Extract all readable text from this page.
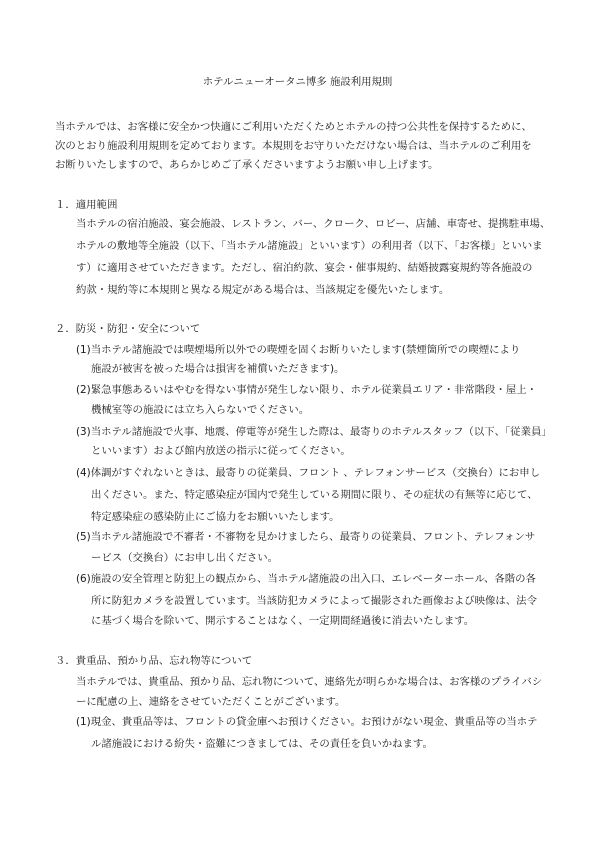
ホテルニューオータニ博多 施設利用規則
当ホテルでは、お客様に安全かつ快適にご利用いただくためとホテルの持つ公共性を保持するために、
次のとおり施設利用規則を定めております。本規則をお守りいただけない場合は、当ホテルのご利用を
お断りいたしますので、あらかじめご了承くださいますようお願い申し上げます。
１．適用範囲
当ホテルの宿泊施設、宴会施設、レストラン、バー、クローク、ロビー、店舗、車寄せ、提携駐車場、
ホテルの敷地等全施設（以下、「当ホテル諸施設」といいます）の利用者（以下、「お客様」といいま
す）に適用させていただきます。ただし、宿泊約款、宴会・催事規約、結婚披露宴規約等各施設の
約款・規約等に本規則と異なる規定がある場合は、当該規定を優先いたします。
２．防災・防犯・安全について
(1)当ホテル諸施設では喫煙場所以外での喫煙を固くお断りいたします(禁煙箇所での喫煙により
施設が被害を被った場合は損害を補償いただきます)。
(2)緊急事態あるいはやむを得ない事情が発生しない限り、ホテル従業員エリア・非常階段・屋上・
機械室等の施設には立ち入らないでください。
(3)当ホテル諸施設で火事、地震、停電等が発生した際は、最寄りのホテルスタッフ（以下、「従業員」
といいます）および館内放送の指示に従ってください。
(4)体調がすぐれないときは、最寄りの従業員、フロント 、テレフォンサービス（交換台）にお申し
出ください。また、特定感染症が国内で発生している期間に限り、その症状の有無等に応じて、
特定感染症の感染防止にご協力をお願いいたします。
(5)当ホテル諸施設で不審者・不審物を見かけましたら、最寄りの従業員、フロント、テレフォンサ
ービス（交換台）にお申し出ください。
(6)施設の安全管理と防犯上の観点から、当ホテル諸施設の出入口、エレベーターホール、各階の各
所に防犯カメラを設置しています。当該防犯カメラによって撮影された画像および映像は、法令
に基づく場合を除いて、開示することはなく、一定期間経過後に消去いたします。
３．貴重品、預かり品、忘れ物等について
当ホテルでは、貴重品、預かり品、忘れ物について、連絡先が明らかな場合は、お客様のプライバシ
ーに配慮の上、連絡をさせていただくことがございます。
(1)現金、貴重品等は、フロントの貸金庫へお預けください。お預けがない現金、貴重品等の当ホテ
ル諸施設における紛失・盗難につきましては、その責任を負いかねます。
